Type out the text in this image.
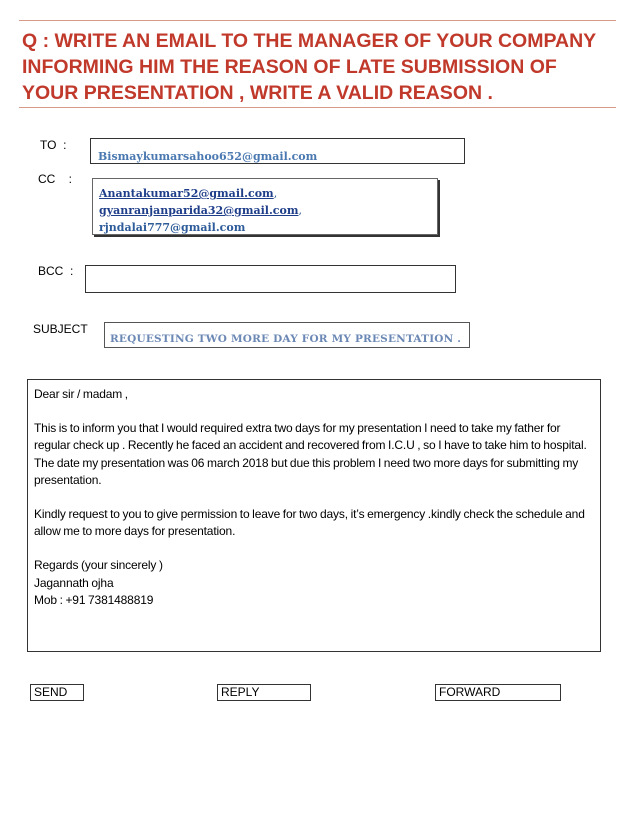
Q : WRITE AN EMAIL TO THE MANAGER OF YOUR COMPANY
INFORMING HIM THE REASON OF LATE SUBMISSION OF
YOUR PRESENTATION , WRITE A VALID REASON .
TO  :
Bismaykumarsahoo652@gmail.com
CC    :
Anantakumar52@gmail.com,
gyanranjanparida32@gmail.com,
rjndalai777@gmail.com
BCC  :
SUBJECT
REQUESTING TWO MORE DAY FOR MY PRESENTATION .

Dear sir / madam ,

This is to inform you that I would required extra two days for my presentation I need to take my father for regular check up . Recently he faced an accident and recovered from I.C.U , so I have to take him to hospital. The date my presentation was 06 march 2018 but due this problem I need two more days for submitting my presentation.

Kindly request to you to give permission to leave for two days, it’s emergency .kindly check the schedule and allow me to more days for presentation.

Regards (your sincerely )

Jagannath ojha

Mob : +91 7381488819

SEND	REPLY	FORWARD
